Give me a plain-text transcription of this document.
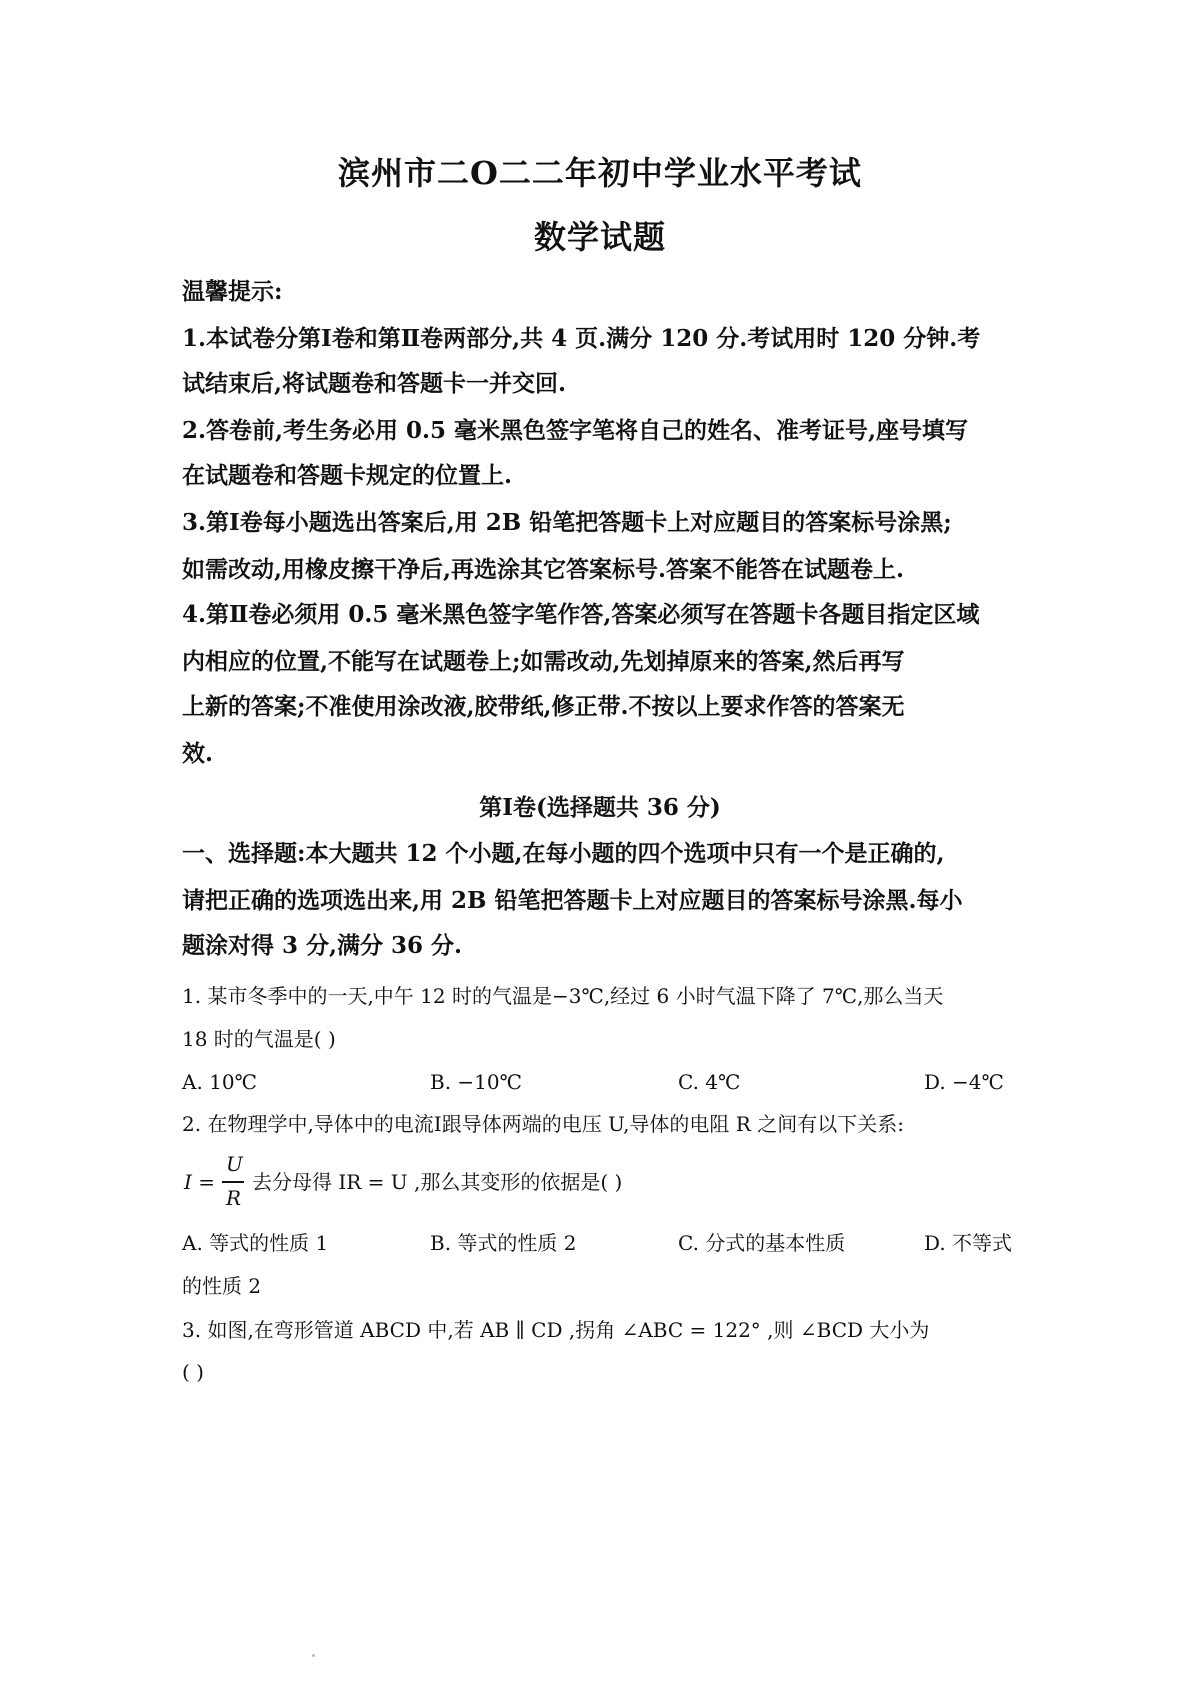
滨州市二O二二年初中学业水平考试
数学试题
温馨提示:
1.本试卷分第Ⅰ卷和第Ⅱ卷两部分,共 4 页.满分 120 分.考试用时 120 分钟.考
试结束后,将试题卷和答题卡一并交回.
2.答卷前,考生务必用 0.5 毫米黑色签字笔将自己的姓名、准考证号,座号填写
在试题卷和答题卡规定的位置上.
3.第Ⅰ卷每小题选出答案后,用 2B 铅笔把答题卡上对应题目的答案标号涂黑;
如需改动,用橡皮擦干净后,再选涂其它答案标号.答案不能答在试题卷上.
4.第Ⅱ卷必须用 0.5 毫米黑色签字笔作答,答案必须写在答题卡各题目指定区域
内相应的位置,不能写在试题卷上;如需改动,先划掉原来的答案,然后再写
上新的答案;不准使用涂改液,胶带纸,修正带.不按以上要求作答的答案无
效.
第Ⅰ卷(选择题共 36 分)
一、选择题:本大题共 12 个小题,在每小题的四个选项中只有一个是正确的,
请把正确的选项选出来,用 2B 铅笔把答题卡上对应题目的答案标号涂黑.每小
题涂对得 3 分,满分 36 分.
1. 某市冬季中的一天,中午 12 时的气温是−3℃,经过 6 小时气温下降了 7℃,那么当天
18 时的气温是( )
A. 10℃	B. −10℃	C. 4℃	D. −4℃
2. 在物理学中,导体中的电流Ⅰ跟导体两端的电压 U,导体的电阻 R 之间有以下关系:
I =
U
R
去分母得 IR = U ,那么其变形的依据是( )
A. 等式的性质 1	B. 等式的性质 2	C. 分式的基本性质	D. 不等式
的性质 2
3. 如图,在弯形管道 ABCD 中,若 AB ∥ CD ,拐角 ∠ABC = 122° ,则 ∠BCD 大小为
( )
